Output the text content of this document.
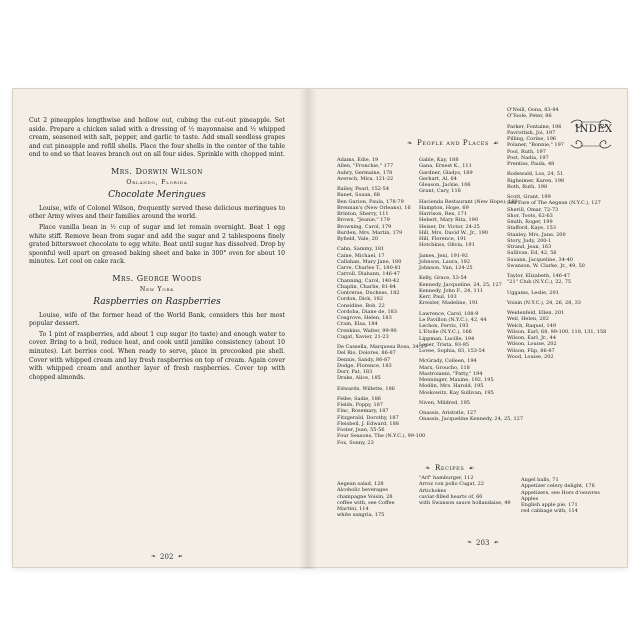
Cut 2 pineapples lengthwise and hollow out, cubing the cut-out pineapple. Set aside. Prepare a chicken salad with a dressing of ½ mayonnaise and ½ whipped cream, seasoned with salt, pepper, and garlic to taste. Add small seedless grapes and cut pineapple and refill shells. Place the four shells in the center of the table end to end so that leaves branch out on all four sides. Sprinkle with chopped mint.

Mrs. Dorwin Wilson
Orlando, Florida
Chocolate Meringues

Louise, wife of Colonel Wilson, frequently served these delicious meringues to other Army wives and their families around the world.

Place vanilla bean in ½ cup of sugar and let remain overnight. Beat 1 egg white stiff. Remove bean from sugar and add the sugar and 2 tablespoons finely grated bittersweet chocolate to egg white. Beat until sugar has dissolved. Drop by spoonful well apart on greased baking sheet and bake in 300° oven for about 10 minutes. Let cool on cake rack.

Mrs. George Woods
New York
Raspberries on Raspberries

Louise, wife of the former head of the World Bank, considers this her most popular dessert.

To 1 pint of raspberries, add about 1 cup sugar (to taste) and enough water to cover. Bring to a boil, reduce heat, and cook until jamlike consistency (about 10 minutes). Let berries cool. When ready to serve, place in precooked pie shell. Cover with whipped cream and lay fresh raspberries on top of cream. Again cover with whipped cream and another layer of fresh raspberries. Cover top with chopped almonds.

❧ 202 ☙
INDEX
❧ People and Places ☙
Adams, Edie, 19
Allen, "Fronchie," 177
Aubry, Germaine, 178
Aversch, Mira, 121-22
Bailey, Pearl, 152-54
Banet, Susan, 68
Ben Gurion, Paula, 178-79
Brennan's (New Orleans), 16
Brinton, Sherry, 111
Brown, "Jeanie," 179
Browning, Carol, 179
Burden, Mrs. Martin, 179
Byfield, Vale, 20
Cahn, Sammy, 181
Caine, Michael, 17
Callahan, Mary Jane, 180
Carre, Charles T., 180-81
Carroll, Diahann, 146-47
Channing, Carol, 140-42
Chaplin, Charlie, 81-84
Contreras, Duchess, 182
Cordon, Dick, 182
Considine, Bob, 22
Cordoba, Diane de, 183
Cosgrove, Helen, 183
Crain, Elsa, 184
Crenkins, Walter, 99-90
Cugat, Xavier, 21-23
De Cassella, Marquesa Rosa, 34-37
Del Rio, Dolores, 86-87
Dennis, Sandy, 86-87
Dodge, Florence, 183
Dorr, Pat, 183
Drake, Alice, 185
Edwards, Willette, 186
Feibe, Sadie, 186
Fields, Poppy, 187
Finc, Rosemary, 187
Fitzgerald, Dorothy, 187
Fleisbell, J. Edward, 188
Foster, Jean, 55-56
Four Seasons, The (N.Y.C.), 99-100
Fox, Sonny, 23
Gable, Kay, 188
Gana, Ernest K., 111
Gardner, Gladys, 189
Gerhart, Al, 64
Gleason, Jackie, 106
Grant, Cary, 118
Hacienda Restaurant (New Hope), 189
Hampton, Hope, 69
Harrison, Rex, 171
Hebert, Mary Rita, 190
Heiser, Dr. Victor, 24-25
Hill, Mrs. David W., Jr., 190
Hill, Florence, 191
Hotchkiss, Olivia, 191
James, Jeni, 191-92
Johnson, Laura, 192
Johnson, Van, 124-25
Kelly, Grace, 53-54
Kennedy, Jacqueline, 24, 25, 127
Kennedy, John F., 24, 111
Kerr, Paul, 103
Kreisler, Madeline, 191
Lawrence, Carol, 108-9
Le Pavillon (N.Y.C.), 42, 44
Lechon, Ferris, 193
L'Etoile (N.Y.C.), 166
Lippman, Lucille, 194
Loper, Trista, 93-95
Lovee, Sophia, 83, 153-54
McGrady, Colleen, 194
Marx, Groucho, 118
Mastroianni, "Patty," 194
Menninger, Maxine, 192, 195
Modlin, Mrs. Harold, 195
Moskowitz, Kay Sullivan, 195
Niven, Mildred, 195
Onassis, Aristotle, 127
Onassis, Jacqueline Kennedy, 24, 25, 127
O'Neill, Oona, 83-84
O'Toole, Peter, 86
Parker, Fontaine, 196
Pavrottish, Joi, 197
Pilling, Corine, 196
Polaner, "Bonnie," 197
Pool, Ruth, 197
Post, Nadia, 197
Prentiss, Paula, 48
Rodewald, Los, 24, 51
Righeimer, Karen, 198
Roth, Ruth, 198
Scott, Grant, 199
Sea Fare of The Aegean (N.Y.C.), 127
Sherill, Omar, 72-73
Shor, Toots, 62-63
Smith, Roger, 199
Stafford, Kaye, 153
Stanley, Mrs. Jane, 200
Story, Judy, 200-1
Strand, Jean, 163
Sullivan, Ed, 42, 56
Susann, Jacqueline, 34-40
Swanson, W. Clarke, Jr., 49, 50
Taylor, Elizabeth, 146-47
"21" Club (N.Y.C.), 22, 75
Uggams, Leslie, 201
Voisin (N.Y.C.), 24, 26, 28, 33
Weidenfeld, Ellen, 201
Weil, Helen, 202
Welch, Raquel, 149
Wilson, Earl, 68, 99-100, 118, 131, 158
Wilson, Earl, Jr., 44
Wilson, Louise, 202
Wilson, Flip, 86-87
Wood, Louise, 202
❧ Recipes ☙
Aegean salad, 128
Alcoholic beverages
champagne Voisin, 28
coffee with, see Coffee
Martini, 114
white sangria, 175
"Arf" hamburger, 112
Arroz con pollo Cugat, 22
Artichokes
caviar-filled hearts of, 60
with Swanson sauce hollandaise, 49
Angel balls, 71
Appetizer celery delight, 176
Appetizers, see Hors d'oeuvres
Apples
English apple pie, 171
red cabbage with, 114
❧ 203 ☙
